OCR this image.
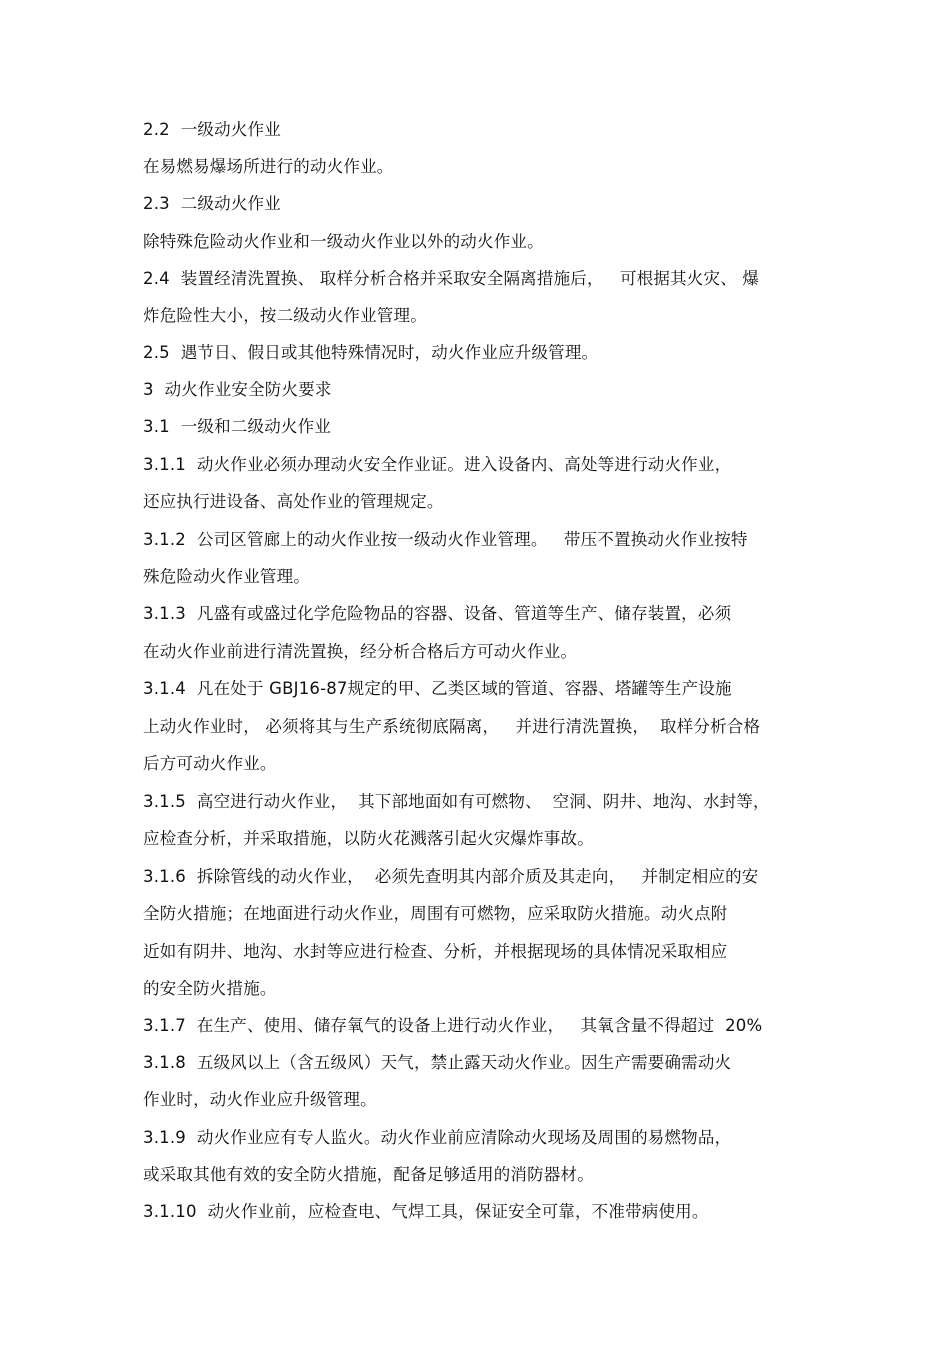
2.2  一级动火作业
在易燃易爆场所进行的动火作业。
2.3  二级动火作业
除特殊危险动火作业和一级动火作业以外的动火作业。
2.4  装置经清洗置换、 取样分析合格并采取安全隔离措施后，   可根据其火灾、 爆
炸危险性大小，按二级动火作业管理。
2.5  遇节日、假日或其他特殊情况时，动火作业应升级管理。
3  动火作业安全防火要求
3.1  一级和二级动火作业
3.1.1  动火作业必须办理动火安全作业证。进入设备内、高处等进行动火作业，
还应执行进设备、高处作业的管理规定。
3.1.2  公司区管廊上的动火作业按一级动火作业管理。   带压不置换动火作业按特
殊危险动火作业管理。
3.1.3  凡盛有或盛过化学危险物品的容器、设备、管道等生产、储存装置，必须
在动火作业前进行清洗置换，经分析合格后方可动火作业。
3.1.4  凡在处于 GBJ16-87规定的甲、乙类区域的管道、容器、塔罐等生产设施
上动火作业时， 必须将其与生产系统彻底隔离，   并进行清洗置换，  取样分析合格
后方可动火作业。
3.1.5  高空进行动火作业，  其下部地面如有可燃物、  空洞、阴井、地沟、水封等，
应检查分析，并采取措施，以防火花溅落引起火灾爆炸事故。
3.1.6  拆除管线的动火作业，  必须先查明其内部介质及其走向，   并制定相应的安
全防火措施；在地面进行动火作业，周围有可燃物，应采取防火措施。动火点附
近如有阴井、地沟、水封等应进行检查、分析，并根据现场的具体情况采取相应
的安全防火措施。
3.1.7  在生产、使用、储存氧气的设备上进行动火作业，   其氧含量不得超过  20%
3.1.8  五级风以上（含五级风）天气，禁止露天动火作业。因生产需要确需动火
作业时，动火作业应升级管理。
3.1.9  动火作业应有专人监火。动火作业前应清除动火现场及周围的易燃物品，
或采取其他有效的安全防火措施，配备足够适用的消防器材。
3.1.10  动火作业前，应检查电、气焊工具，保证安全可靠，不准带病使用。
